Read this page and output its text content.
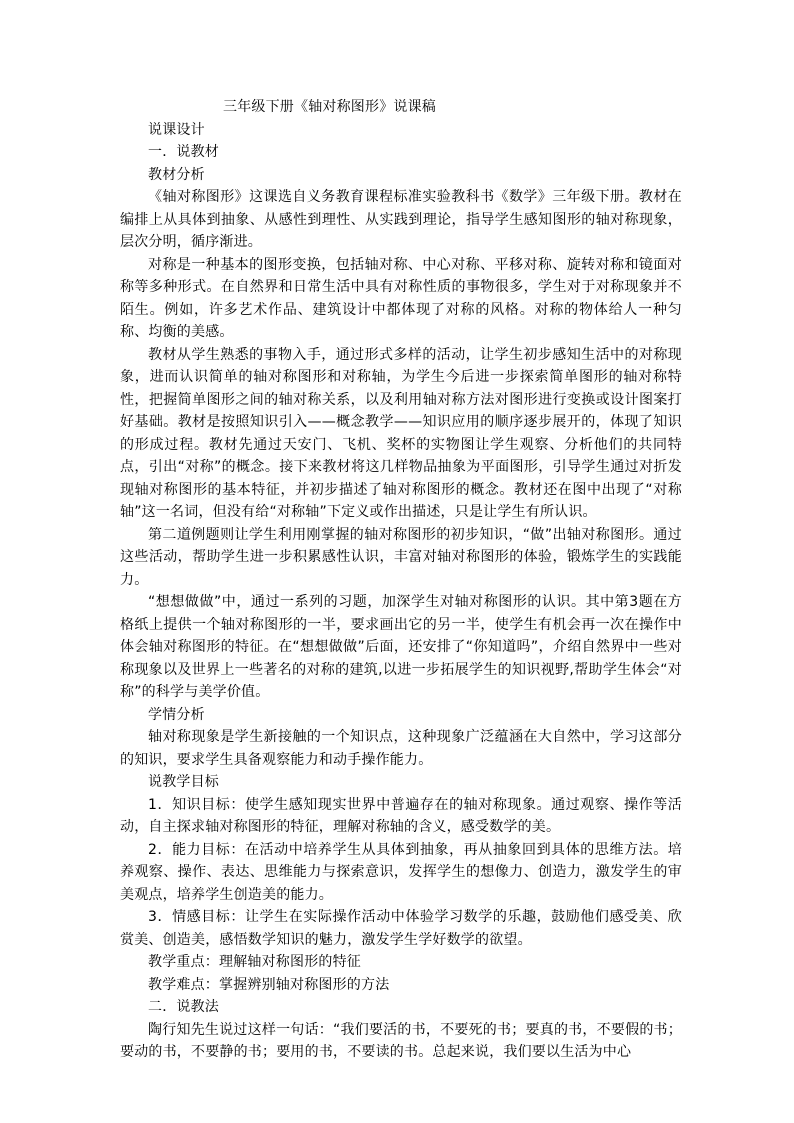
三年级下册《轴对称图形》说课稿

说课设计

一．说教材

教材分析

《轴对称图形》这课选自义务教育课程标准实验教科书《数学》三年级下册。教材在编排上从具体到抽象、从感性到理性、从实践到理论，指导学生感知图形的轴对称现象，层次分明，循序渐进。

对称是一种基本的图形变换，包括轴对称、中心对称、平移对称、旋转对称和镜面对称等多种形式。在自然界和日常生活中具有对称性质的事物很多，学生对于对称现象并不陌生。例如，许多艺术作品、建筑设计中都体现了对称的风格。对称的物体给人一种匀称、均衡的美感。

教材从学生熟悉的事物入手，通过形式多样的活动，让学生初步感知生活中的对称现象，进而认识简单的轴对称图形和对称轴，为学生今后进一步探索简单图形的轴对称特性，把握简单图形之间的轴对称关系，以及利用轴对称方法对图形进行变换或设计图案打好基础。教材是按照知识引入——概念教学——知识应用的顺序逐步展开的，体现了知识的形成过程。教材先通过天安门、飞机、奖杯的实物图让学生观察、分析他们的共同特点，引出“对称”的概念。接下来教材将这几样物品抽象为平面图形，引导学生通过对折发现轴对称图形的基本特征，并初步描述了轴对称图形的概念。教材还在图中出现了“对称轴”这一名词，但没有给“对称轴”下定义或作出描述，只是让学生有所认识。

第二道例题则让学生利用刚掌握的轴对称图形的初步知识，“做”出轴对称图形。通过这些活动，帮助学生进一步积累感性认识，丰富对轴对称图形的体验，锻炼学生的实践能力。

“想想做做”中，通过一系列的习题，加深学生对轴对称图形的认识。其中第3题在方格纸上提供一个轴对称图形的一半，要求画出它的另一半，使学生有机会再一次在操作中体会轴对称图形的特征。在“想想做做”后面，还安排了“你知道吗”，介绍自然界中一些对称现象以及世界上一些著名的对称的建筑,以进一步拓展学生的知识视野,帮助学生体会“对称”的科学与美学价值。

学情分析

轴对称现象是学生新接触的一个知识点，这种现象广泛蕴涵在大自然中，学习这部分的知识，要求学生具备观察能力和动手操作能力。

说教学目标

1．知识目标：使学生感知现实世界中普遍存在的轴对称现象。通过观察、操作等活动，自主探求轴对称图形的特征，理解对称轴的含义，感受数学的美。

2．能力目标：在活动中培养学生从具体到抽象，再从抽象回到具体的思维方法。培养观察、操作、表达、思维能力与探索意识，发挥学生的想像力、创造力，激发学生的审美观点，培养学生创造美的能力。

3．情感目标：让学生在实际操作活动中体验学习数学的乐趣，鼓励他们感受美、欣赏美、创造美，感悟数学知识的魅力，激发学生学好数学的欲望。

教学重点：理解轴对称图形的特征

教学难点：掌握辨别轴对称图形的方法

二．说教法

陶行知先生说过这样一句话：“我们要活的书，不要死的书；要真的书，不要假的书；要动的书，不要静的书；要用的书，不要读的书。总起来说，我们要以生活为中心
